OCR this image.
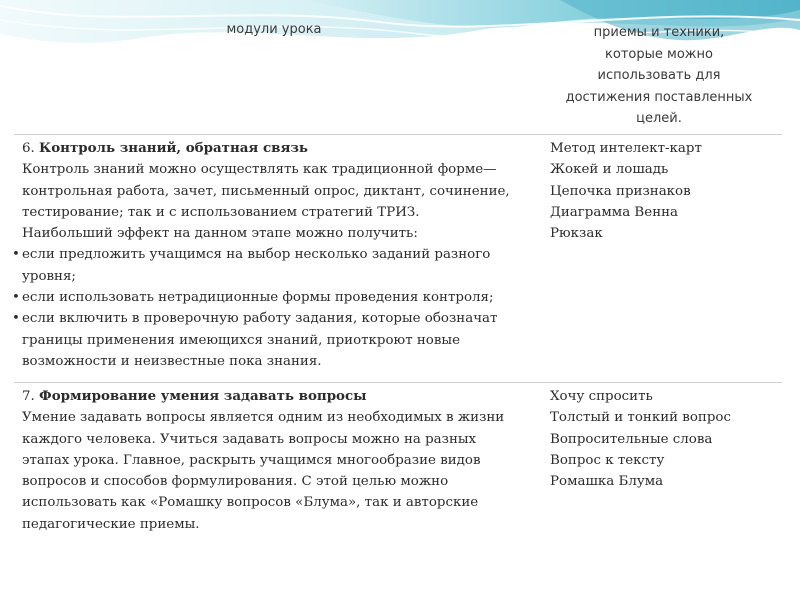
модули урока	приемы и техники,
которые можно
использовать для
достижения поставленных
целей.

6. Контроль знаний, обратная связь

Контроль знаний можно осуществлять как традиционной форме—

контрольная работа, зачет, письменный опрос, диктант, сочинение,

тестирование; так и с использованием стратегий ТРИЗ.

Наибольший эффект на данном этапе можно получить:

• если предложить учащимся на выбор несколько заданий разного
уровня;
• если использовать нетрадиционные формы проведения контроля;
• если включить в проверочную работу задания, которые обозначат
границы применения имеющихся знаний, приоткроют новые
возможности и неизвестные пока знания.
Метод интелект-карт
Жокей и лошадь
Цепочка признаков
Диаграмма Венна
Рюкзак

7. Формирование умения задавать вопросы

Умение задавать вопросы является одним из необходимых в жизни

каждого человека. Учиться задавать вопросы можно на разных

этапах урока. Главное, раскрыть учащимся многообразие видов

вопросов и способов формулирования. С этой целью можно

использовать как «Ромашку вопросов «Блума», так и авторские

педагогические приемы.

Хочу спросить
Толстый и тонкий вопрос
Вопросительные слова
Вопрос к тексту
Ромашка Блума
